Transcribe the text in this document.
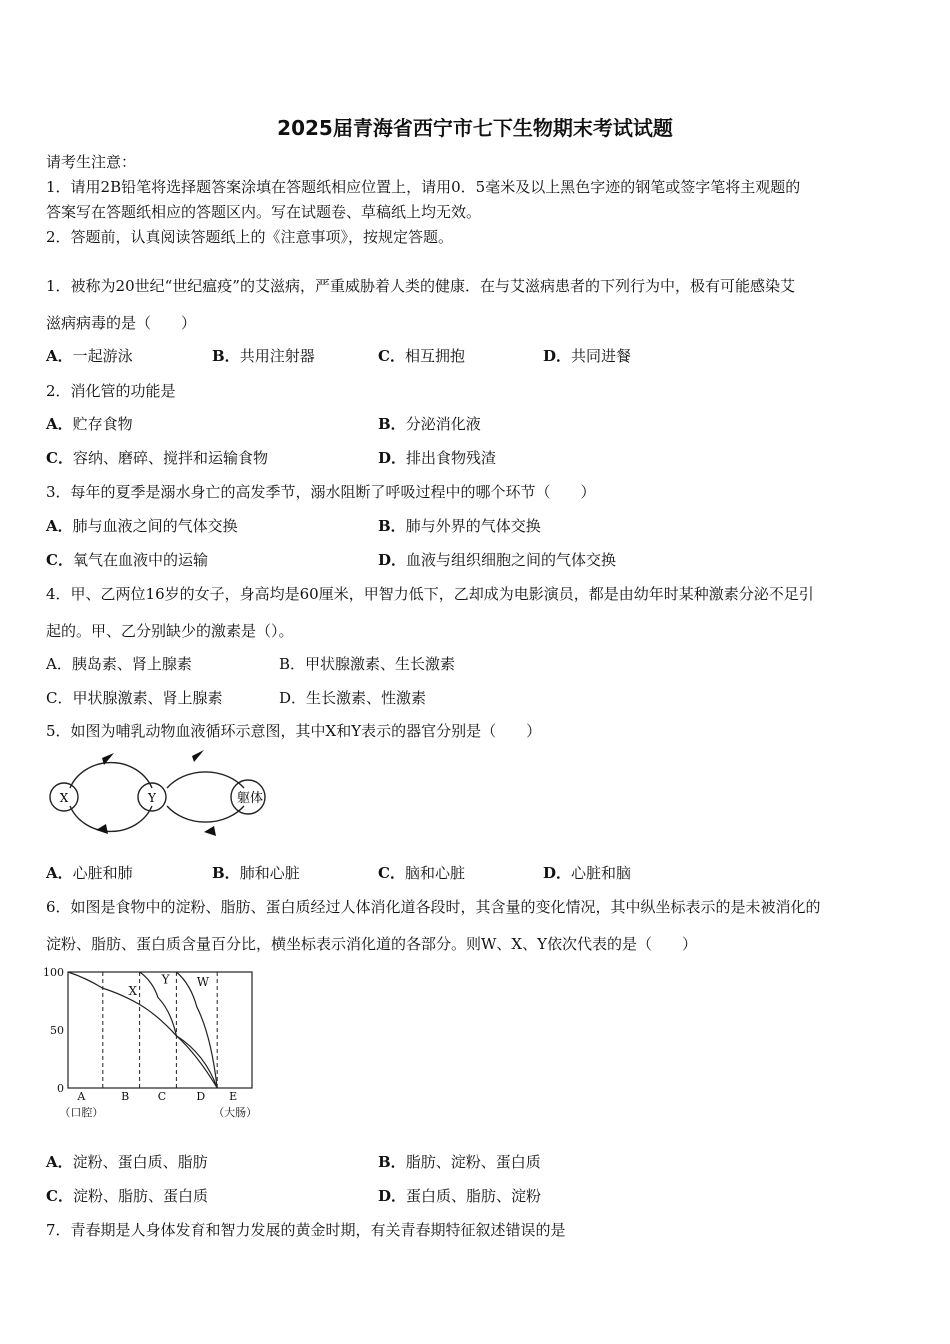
2025届青海省西宁市七下生物期末考试试题
请考生注意：
1．请用2B铅笔将选择题答案涂填在答题纸相应位置上，请用0．5毫米及以上黑色字迹的钢笔或签字笔将主观题的
答案写在答题纸相应的答题区内。写在试题卷、草稿纸上均无效。
2．答题前，认真阅读答题纸上的《注意事项》，按规定答题。
1．被称为20世纪“世纪瘟疫”的艾滋病，严重威胁着人类的健康．在与艾滋病患者的下列行为中，极有可能感染艾
滋病病毒的是（　　）
A．一起游泳	B．共用注射器	C．相互拥抱	D．共同进餐
2．消化管的功能是
A．贮存食物	B．分泌消化液
C．容纳、磨碎、搅拌和运输食物	D．排出食物残渣
3．每年的夏季是溺水身亡的高发季节，溺水阻断了呼吸过程中的哪个环节（　　）
A．肺与血液之间的气体交换	B．肺与外界的气体交换
C．氧气在血液中的运输	D．血液与组织细胞之间的气体交换
4．甲、乙两位16岁的女子，身高均是60厘米，甲智力低下，乙却成为电影演员，都是由幼年时某种激素分泌不足引
起的。甲、乙分别缺少的激素是（）。
A．胰岛素、肾上腺素	B．甲状腺激素、生长激素
C．甲状腺激素、肾上腺素	D．生长激素、性激素
5．如图为哺乳动物血液循环示意图，其中X和Y表示的器官分别是（　　）
X	Y	躯体
A．心脏和肺	B．肺和心脏	C．脑和心脏	D．心脏和脑
6．如图是食物中的淀粉、脂肪、蛋白质经过人体消化道各段时，其含量的变化情况，其中纵坐标表示的是未被消化的
淀粉、脂肪、蛋白质含量百分比，横坐标表示消化道的各部分。则W、X、Y依次代表的是（　　）
100
50
0
A
（口腔）
B	C	D E
（大肠）
X
Y W
A．淀粉、蛋白质、脂肪	B．脂肪、淀粉、蛋白质
C．淀粉、脂肪、蛋白质	D．蛋白质、脂肪、淀粉
7．青春期是人身体发育和智力发展的黄金时期，有关青春期特征叙述错误的是
